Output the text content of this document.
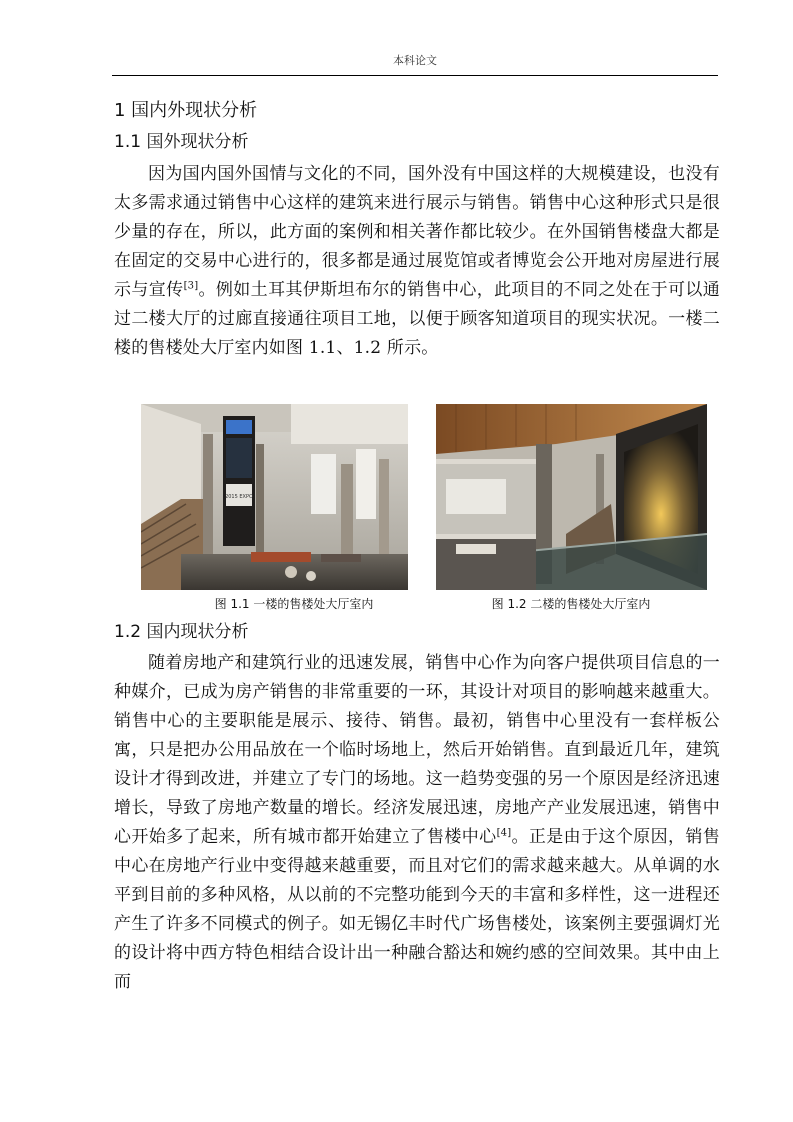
本科论文
1 国内外现状分析
1.1 国外现状分析

因为国内国外国情与文化的不同，国外没有中国这样的大规模建设，也没有太多需求通过销售中心这样的建筑来进行展示与销售。销售中心这种形式只是很少量的存在，所以，此方面的案例和相关著作都比较少。在外国销售楼盘大都是在固定的交易中心进行的，很多都是通过展览馆或者博览会公开地对房屋进行展示与宣传[3]。例如土耳其伊斯坦布尔的销售中心，此项目的不同之处在于可以通过二楼大厅的过廊直接通往项目工地，以便于顾客知道项目的现实状况。一楼二楼的售楼处大厅室内如图 1.1、1.2 所示。

2015 EXPO
图 1.1 一楼的售楼处大厅室内	图 1.2 二楼的售楼处大厅室内
1.2 国内现状分析

随着房地产和建筑行业的迅速发展，销售中心作为向客户提供项目信息的一种媒介，已成为房产销售的非常重要的一环，其设计对项目的影响越来越重大。销售中心的主要职能是展示、接待、销售。最初，销售中心里没有一套样板公寓，只是把办公用品放在一个临时场地上，然后开始销售。直到最近几年，建筑设计才得到改进，并建立了专门的场地。这一趋势变强的另一个原因是经济迅速增长，导致了房地产数量的增长。经济发展迅速，房地产产业发展迅速，销售中心开始多了起来，所有城市都开始建立了售楼中心[4]。正是由于这个原因，销售中心在房地产行业中变得越来越重要，而且对它们的需求越来越大。从单调的水平到目前的多种风格，从以前的不完整功能到今天的丰富和多样性，这一进程还产生了许多不同模式的例子。如无锡亿丰时代广场售楼处，该案例主要强调灯光的设计将中西方特色相结合设计出一种融合豁达和婉约感的空间效果。其中由上而
